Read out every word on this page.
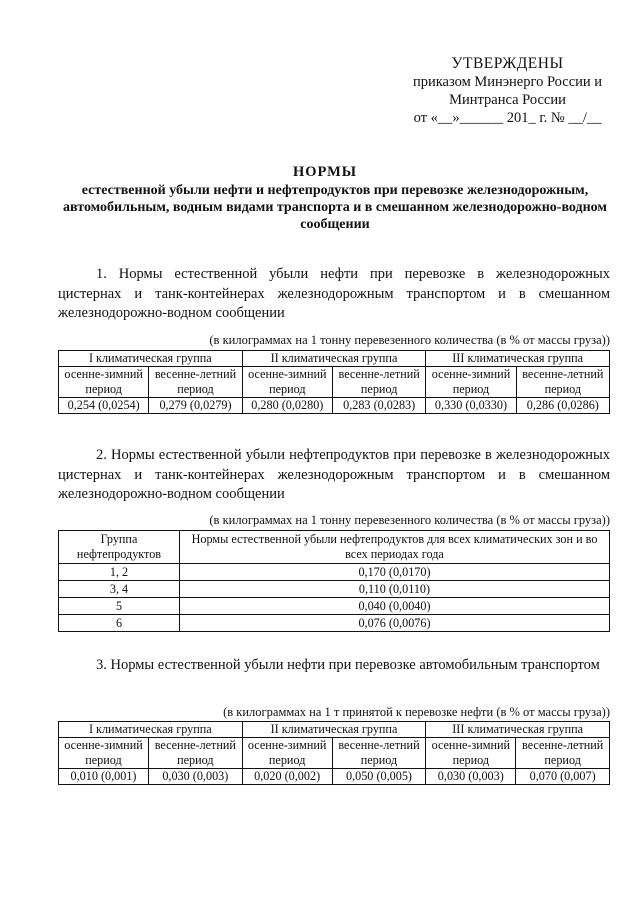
УТВЕРЖДЕНЫ
приказом Минэнерго России и
Минтранса России
от «__»______ 201_ г. № __/__
НОРМЫ
естественной убыли нефти и нефтепродуктов при перевозке железнодорожным, автомобильным, водным видами транспорта и в смешанном железнодорожно-водном сообщении
1. Нормы естественной убыли нефти при перевозке в железнодорожных цистернах и танк-контейнерах железнодорожным транспортом и в смешанном железнодорожно-водном сообщении
(в килограммах на 1 тонну перевезенного количества (в % от массы груза))
I климатическая группа		II климатическая группа		III климатическая группа	
осенне-зимний период	весенне-летний период	осенне-зимний период	весенне-летний период	осенне-зимний период	весенне-летний период
0,254 (0,0254)	0,279 (0,0279)	0,280 (0,0280)	0,283 (0,0283)	0,330 (0,0330)	0,286 (0,0286)
2. Нормы естественной убыли нефтепродуктов при перевозке в железнодорожных цистернах и танк-контейнерах железнодорожным транспортом и в смешанном железнодорожно-водном сообщении
(в килограммах на 1 тонну перевезенного количества (в % от массы груза))
Группа нефтепродуктов	Нормы естественной убыли нефтепродуктов для всех климатических зон и во всех периодах года
1, 2	0,170 (0,0170)
3, 4	0,110 (0,0110)
5	0,040 (0,0040)
6	0,076 (0,0076)
3. Нормы естественной убыли нефти при перевозке автомобильным транспортом
(в килограммах на 1 т принятой к перевозке нефти (в % от массы груза))
I климатическая группа		II климатическая группа		III климатическая группа	
осенне-зимний период	весенне-летний период	осенне-зимний период	весенне-летний период	осенне-зимний период	весенне-летний период
0,010 (0,001)	0,030 (0,003)	0,020 (0,002)	0,050 (0,005)	0,030 (0,003)	0,070 (0,007)
